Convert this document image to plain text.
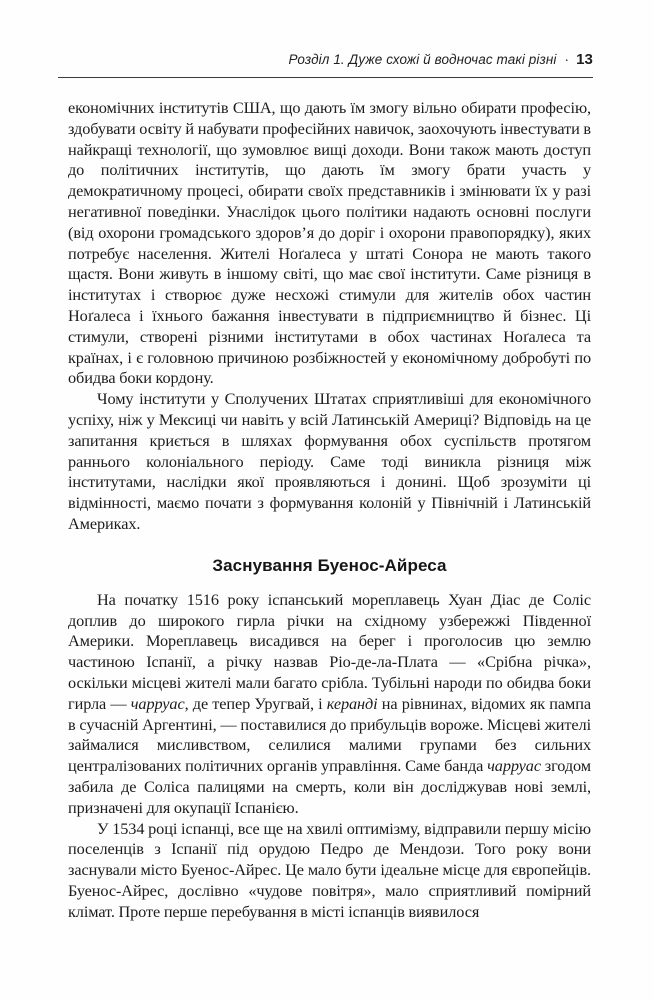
Розділ 1. Дуже схожі й водночас такі різні · 13

економічних інститутів США, що дають їм змогу вільно обирати професію, здобувати освіту й набувати професійних навичок, заохочують інвестувати в найкращі технології, що зумовлює вищі доходи. Вони також мають доступ до політичних інститутів, що дають їм змогу брати участь у демократичному процесі, обирати своїх представників і змінювати їх у разі негативної поведінки. Унаслідок цього політики надають основні послуги (від охорони громадського здоров’я до доріг і охорони правопорядку), яких потребує населення. Жителі Ноґалеса у штаті Сонора не мають такого щастя. Вони живуть в іншому світі, що має свої інститути. Саме різниця в інститутах і створює дуже несхожі стимули для жителів обох частин Ноґалеса і їхнього бажання інвестувати в підприємництво й бізнес. Ці стимули, створені різними інститутами в обох частинах Ноґалеса та країнах, і є головною причиною розбіжностей у економічному добробуті по обидва боки кордону.

Чому інститути у Сполучених Штатах сприятливіші для економічного успіху, ніж у Мексиці чи навіть у всій Латинській Америці? Відповідь на це запитання криється в шляхах формування обох суспільств протягом раннього колоніального періоду. Саме тоді виникла різниця між інститутами, наслідки якої проявляються і донині. Щоб зрозуміти ці відмінності, маємо почати з формування колоній у Північній і Латинській Америках.

Заснування Буенос-Айреса

На початку 1516 року іспанський мореплавець Хуан Діас де Соліс доплив до широкого гирла річки на східному узбережжі Південної Америки. Мореплавець висадився на берег і проголосив цю землю частиною Іспанії, а річку назвав Ріо-де-ла-Плата — «Срібна річка», оскільки місцеві жителі мали багато срібла. Тубільні народи по обидва боки гирла — чарруас, де тепер Уругвай, і керанді на рівнинах, відомих як пампа в сучасній Аргентині, — поставилися до прибульців вороже. Місцеві жителі займалися мисливством, селилися малими групами без сильних централізованих політичних органів управління. Саме банда чарруас згодом забила де Соліса палицями на смерть, коли він досліджував нові землі, призначені для окупації Іспанією.

У 1534 році іспанці, все ще на хвилі оптимізму, відправили першу місію поселенців з Іспанії під орудою Педро де Мендози. Того року вони заснували місто Буенос-Айрес. Це мало бути ідеальне місце для європейців. Буенос-Айрес, дослівно «чудове повітря», мало сприятливий помірний клімат. Проте перше перебування в місті іспанців виявилося
